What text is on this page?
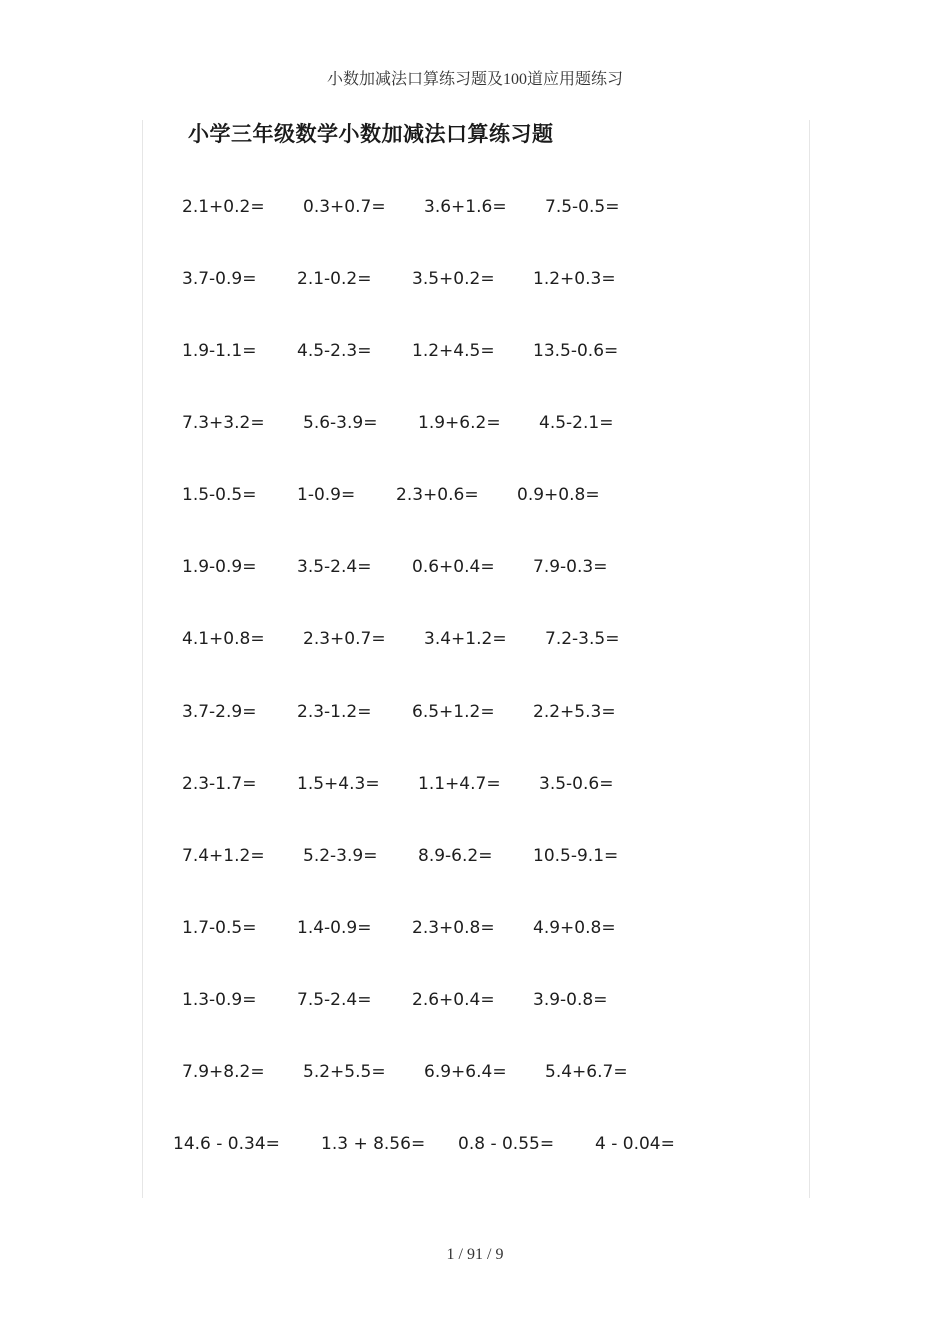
小数加减法口算练习题及100道应用题练习
小学三年级数学小数加减法口算练习题
2.1+0.2= 0.3+0.7= 3.6+1.6= 7.5-0.5=
3.7-0.9= 2.1-0.2= 3.5+0.2= 1.2+0.3=
1.9-1.1= 4.5-2.3= 1.2+4.5= 13.5-0.6=
7.3+3.2= 5.6-3.9= 1.9+6.2= 4.5-2.1=
1.5-0.5= 1-0.9= 2.3+0.6= 0.9+0.8=
1.9-0.9= 3.5-2.4= 0.6+0.4= 7.9-0.3=
4.1+0.8= 2.3+0.7= 3.4+1.2= 7.2-3.5=
3.7-2.9= 2.3-1.2= 6.5+1.2= 2.2+5.3=
2.3-1.7= 1.5+4.3= 1.1+4.7= 3.5-0.6=
7.4+1.2= 5.2-3.9= 8.9-6.2= 10.5-9.1=
1.7-0.5= 1.4-0.9= 2.3+0.8= 4.9+0.8=
1.3-0.9= 7.5-2.4= 2.6+0.4= 3.9-0.8=
7.9+8.2= 5.2+5.5= 6.9+6.4= 5.4+6.7=
14.6 - 0.34= 1.3 + 8.56= 0.8 - 0.55= 4 - 0.04=
1 / 91 / 9
